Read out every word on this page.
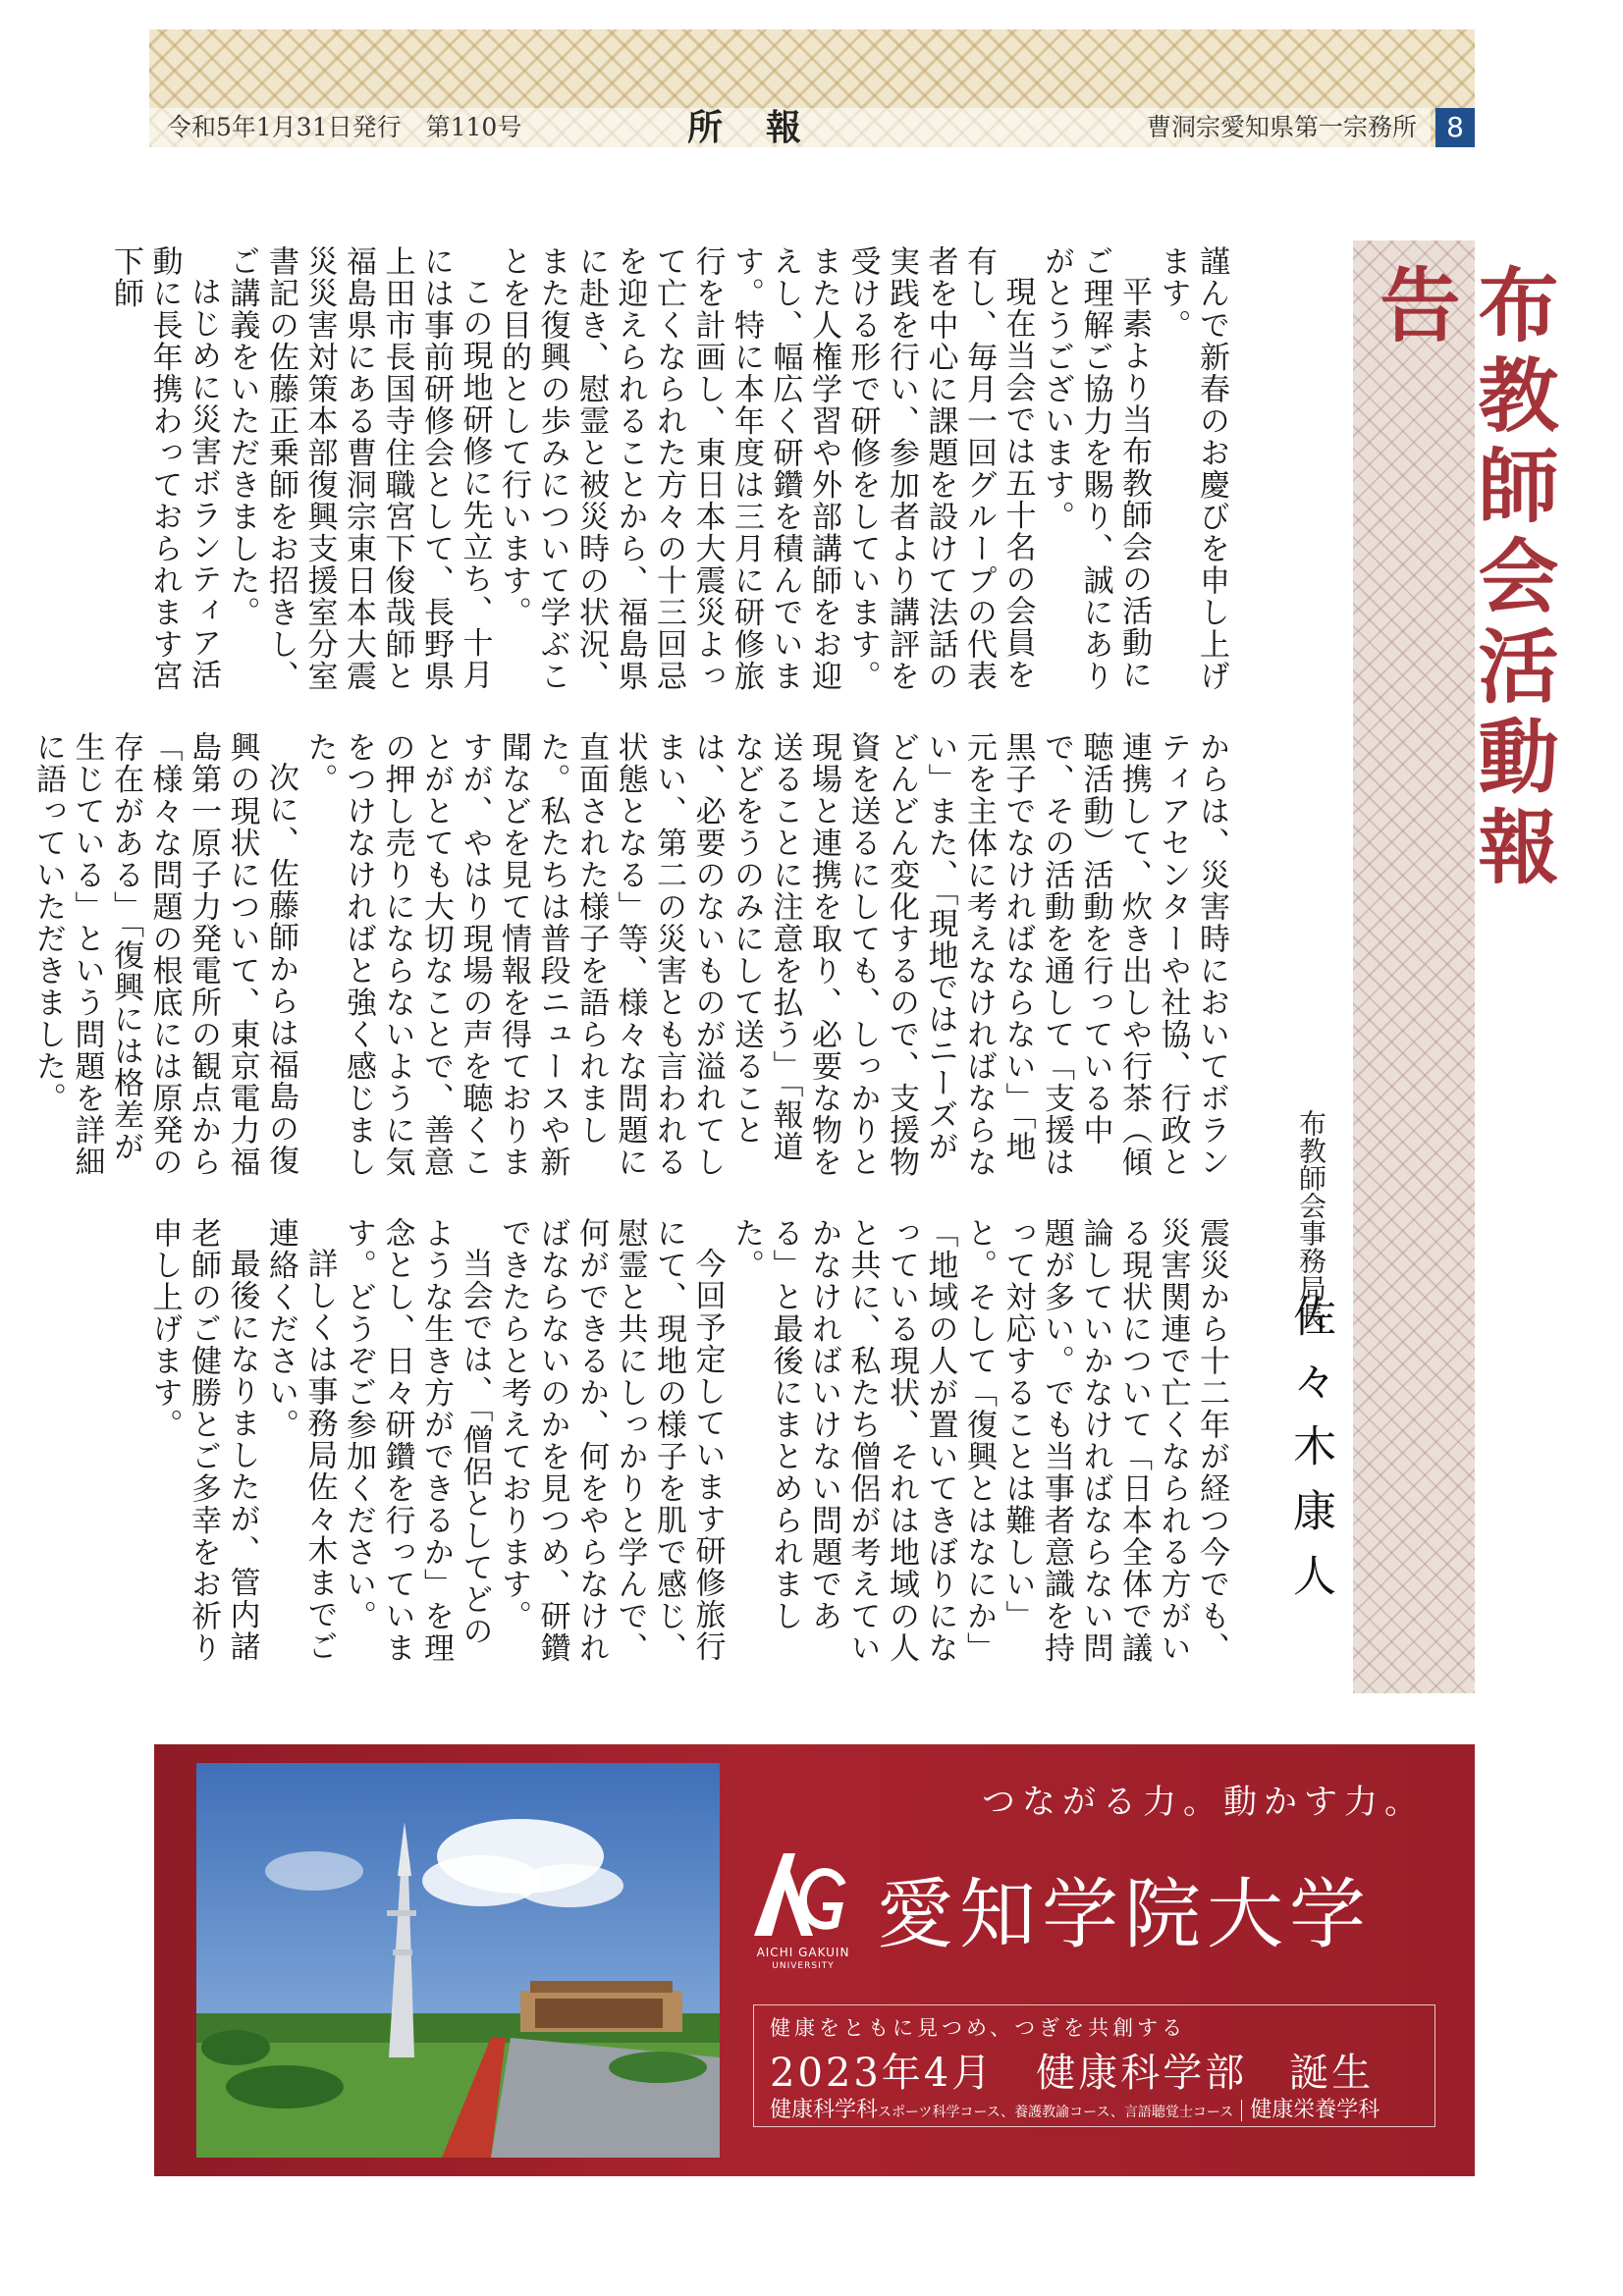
令和5年1月31日発行　第110号	所報	曹洞宗愛知県第一宗務所	8
布教師会活動報告
布教師会事務局長
佐々木康人

謹んで新春のお慶びを申し上げます。

平素より当布教師会の活動にご理解ご協力を賜り、誠にありがとうございます。

現在当会では五十名の会員を有し、毎月一回グループの代表者を中心に課題を設けて法話の実践を行い、参加者より講評を受ける形で研修をしています。また人権学習や外部講師をお迎えし、幅広く研鑽を積んでいます。特に本年度は三月に研修旅行を計画し、東日本大震災よって亡くなられた方々の十三回忌を迎えられることから、福島県に赴き、慰霊と被災時の状況、また復興の歩みについて学ぶことを目的として行います。

この現地研修に先立ち、十月には事前研修会として、長野県上田市長国寺住職宮下俊哉師と福島県にある曹洞宗東日本大震災災害対策本部復興支援室分室書記の佐藤正乗師をお招きし、ご講義をいただきました。

はじめに災害ボランティア活動に長年携わっておられます宮下師

からは、災害時においてボランティアセンターや社協、行政と連携して、炊き出しや行茶（傾聴活動）活動を行っている中で、その活動を通して「支援は黒子でなければならない」「地元を主体に考えなければならない」また、「現地ではニーズがどんどん変化するので、支援物資を送るにしても、しっかりと現場と連携を取り、必要な物を送ることに注意を払う」「報道などをうのみにして送ることは、必要のないものが溢れてしまい、第二の災害とも言われる状態となる」等、様々な問題に直面された様子を語られました。私たちは普段ニュースや新聞などを見て情報を得ておりますが、やはり現場の声を聴くことがとても大切なことで、善意の押し売りにならないように気をつけなければと強く感じました。

次に、佐藤師からは福島の復興の現状について、東京電力福島第一原子力発電所の観点から「様々な問題の根底には原発の存在がある」「復興には格差が生じている」という問題を詳細に語っていただきました。

震災から十二年が経つ今でも、災害関連で亡くなられる方がいる現状について「日本全体で議論していかなければならない問題が多い。でも当事者意識を持って対応することは難しい」と。そして「復興とはなにか」「地域の人が置いてきぼりになっている現状、それは地域の人と共に、私たち僧侶が考えていかなければいけない問題である」と最後にまとめられました。

今回予定しています研修旅行にて、現地の様子を肌で感じ、慰霊と共にしっかりと学んで、何ができるか、何をやらなければならないのかを見つめ、研鑽できたらと考えております。

当会では、「僧侶としてどのような生き方ができるか」を理念とし、日々研鑽を行っています。どうぞご参加ください。

詳しくは事務局佐々木までご連絡ください。

最後になりましたが、管内諸老師のご健勝とご多幸をお祈り申し上げます。

つながる力。動かす力。
AICHI GAKUIN
UNIVERSITY
愛知学院大学
健康をともに見つめ、つぎを共創する
2023年4月　健康科学部　誕生
健康科学科スポーツ科学コース、養護教諭コース、言語聴覚士コース 健康栄養学科
